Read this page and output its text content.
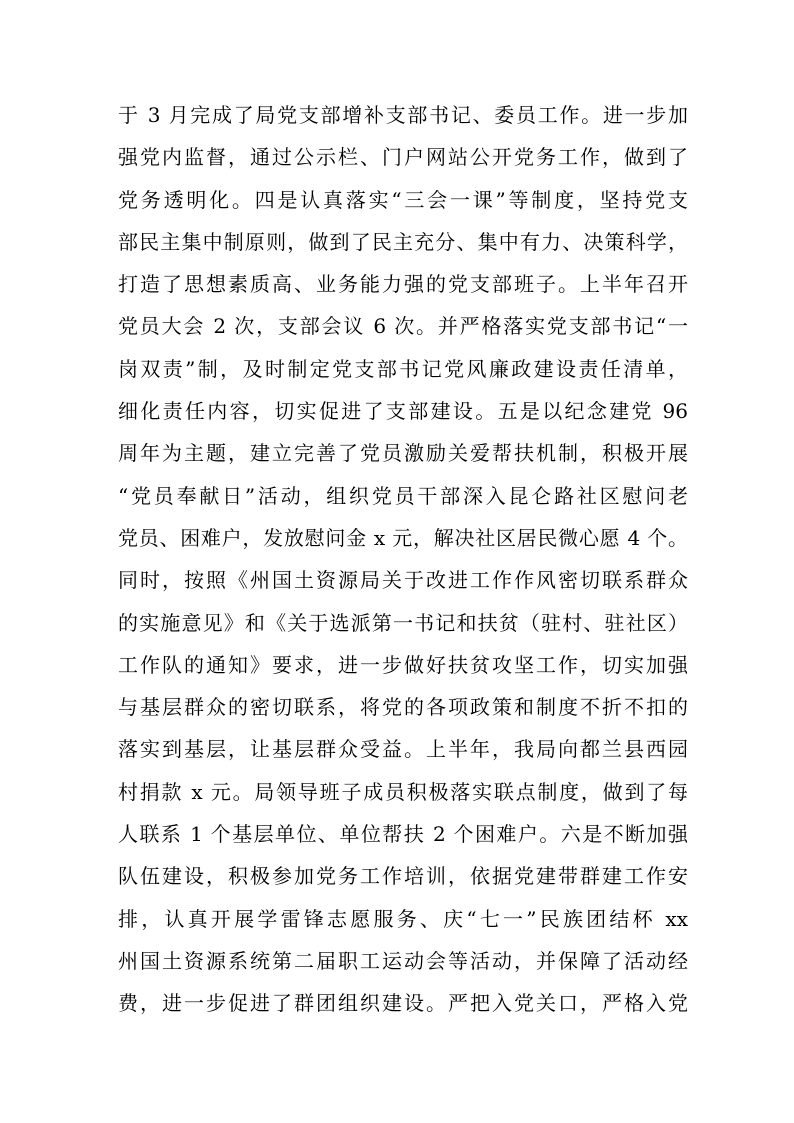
于 3 月完成了局党支部增补支部书记、委员工作。进一步加
强党内监督，通过公示栏、门户网站公开党务工作，做到了
党务透明化。四是认真落实“三会一课”等制度，坚持党支
部民主集中制原则，做到了民主充分、集中有力、决策科学，
打造了思想素质高、业务能力强的党支部班子。上半年召开
党员大会 2 次，支部会议 6 次。并严格落实党支部书记“一
岗双责”制，及时制定党支部书记党风廉政建设责任清单，
细化责任内容，切实促进了支部建设。五是以纪念建党 96
周年为主题，建立完善了党员激励关爱帮扶机制，积极开展
“党员奉献日”活动，组织党员干部深入昆仑路社区慰问老
党员、困难户，发放慰问金 x 元，解决社区居民微心愿 4 个。
同时，按照《州国土资源局关于改进工作作风密切联系群众
的实施意见》和《关于选派第一书记和扶贫（驻村、驻社区）
工作队的通知》要求，进一步做好扶贫攻坚工作，切实加强
与基层群众的密切联系，将党的各项政策和制度不折不扣的
落实到基层，让基层群众受益。上半年，我局向都兰县西园
村捐款 x 元。局领导班子成员积极落实联点制度，做到了每
人联系 1 个基层单位、单位帮扶 2 个困难户。六是不断加强
队伍建设，积极参加党务工作培训，依据党建带群建工作安
排，认真开展学雷锋志愿服务、庆“七一”民族团结杯 xx
州国土资源系统第二届职工运动会等活动，并保障了活动经
费，进一步促进了群团组织建设。严把入党关口，严格入党
